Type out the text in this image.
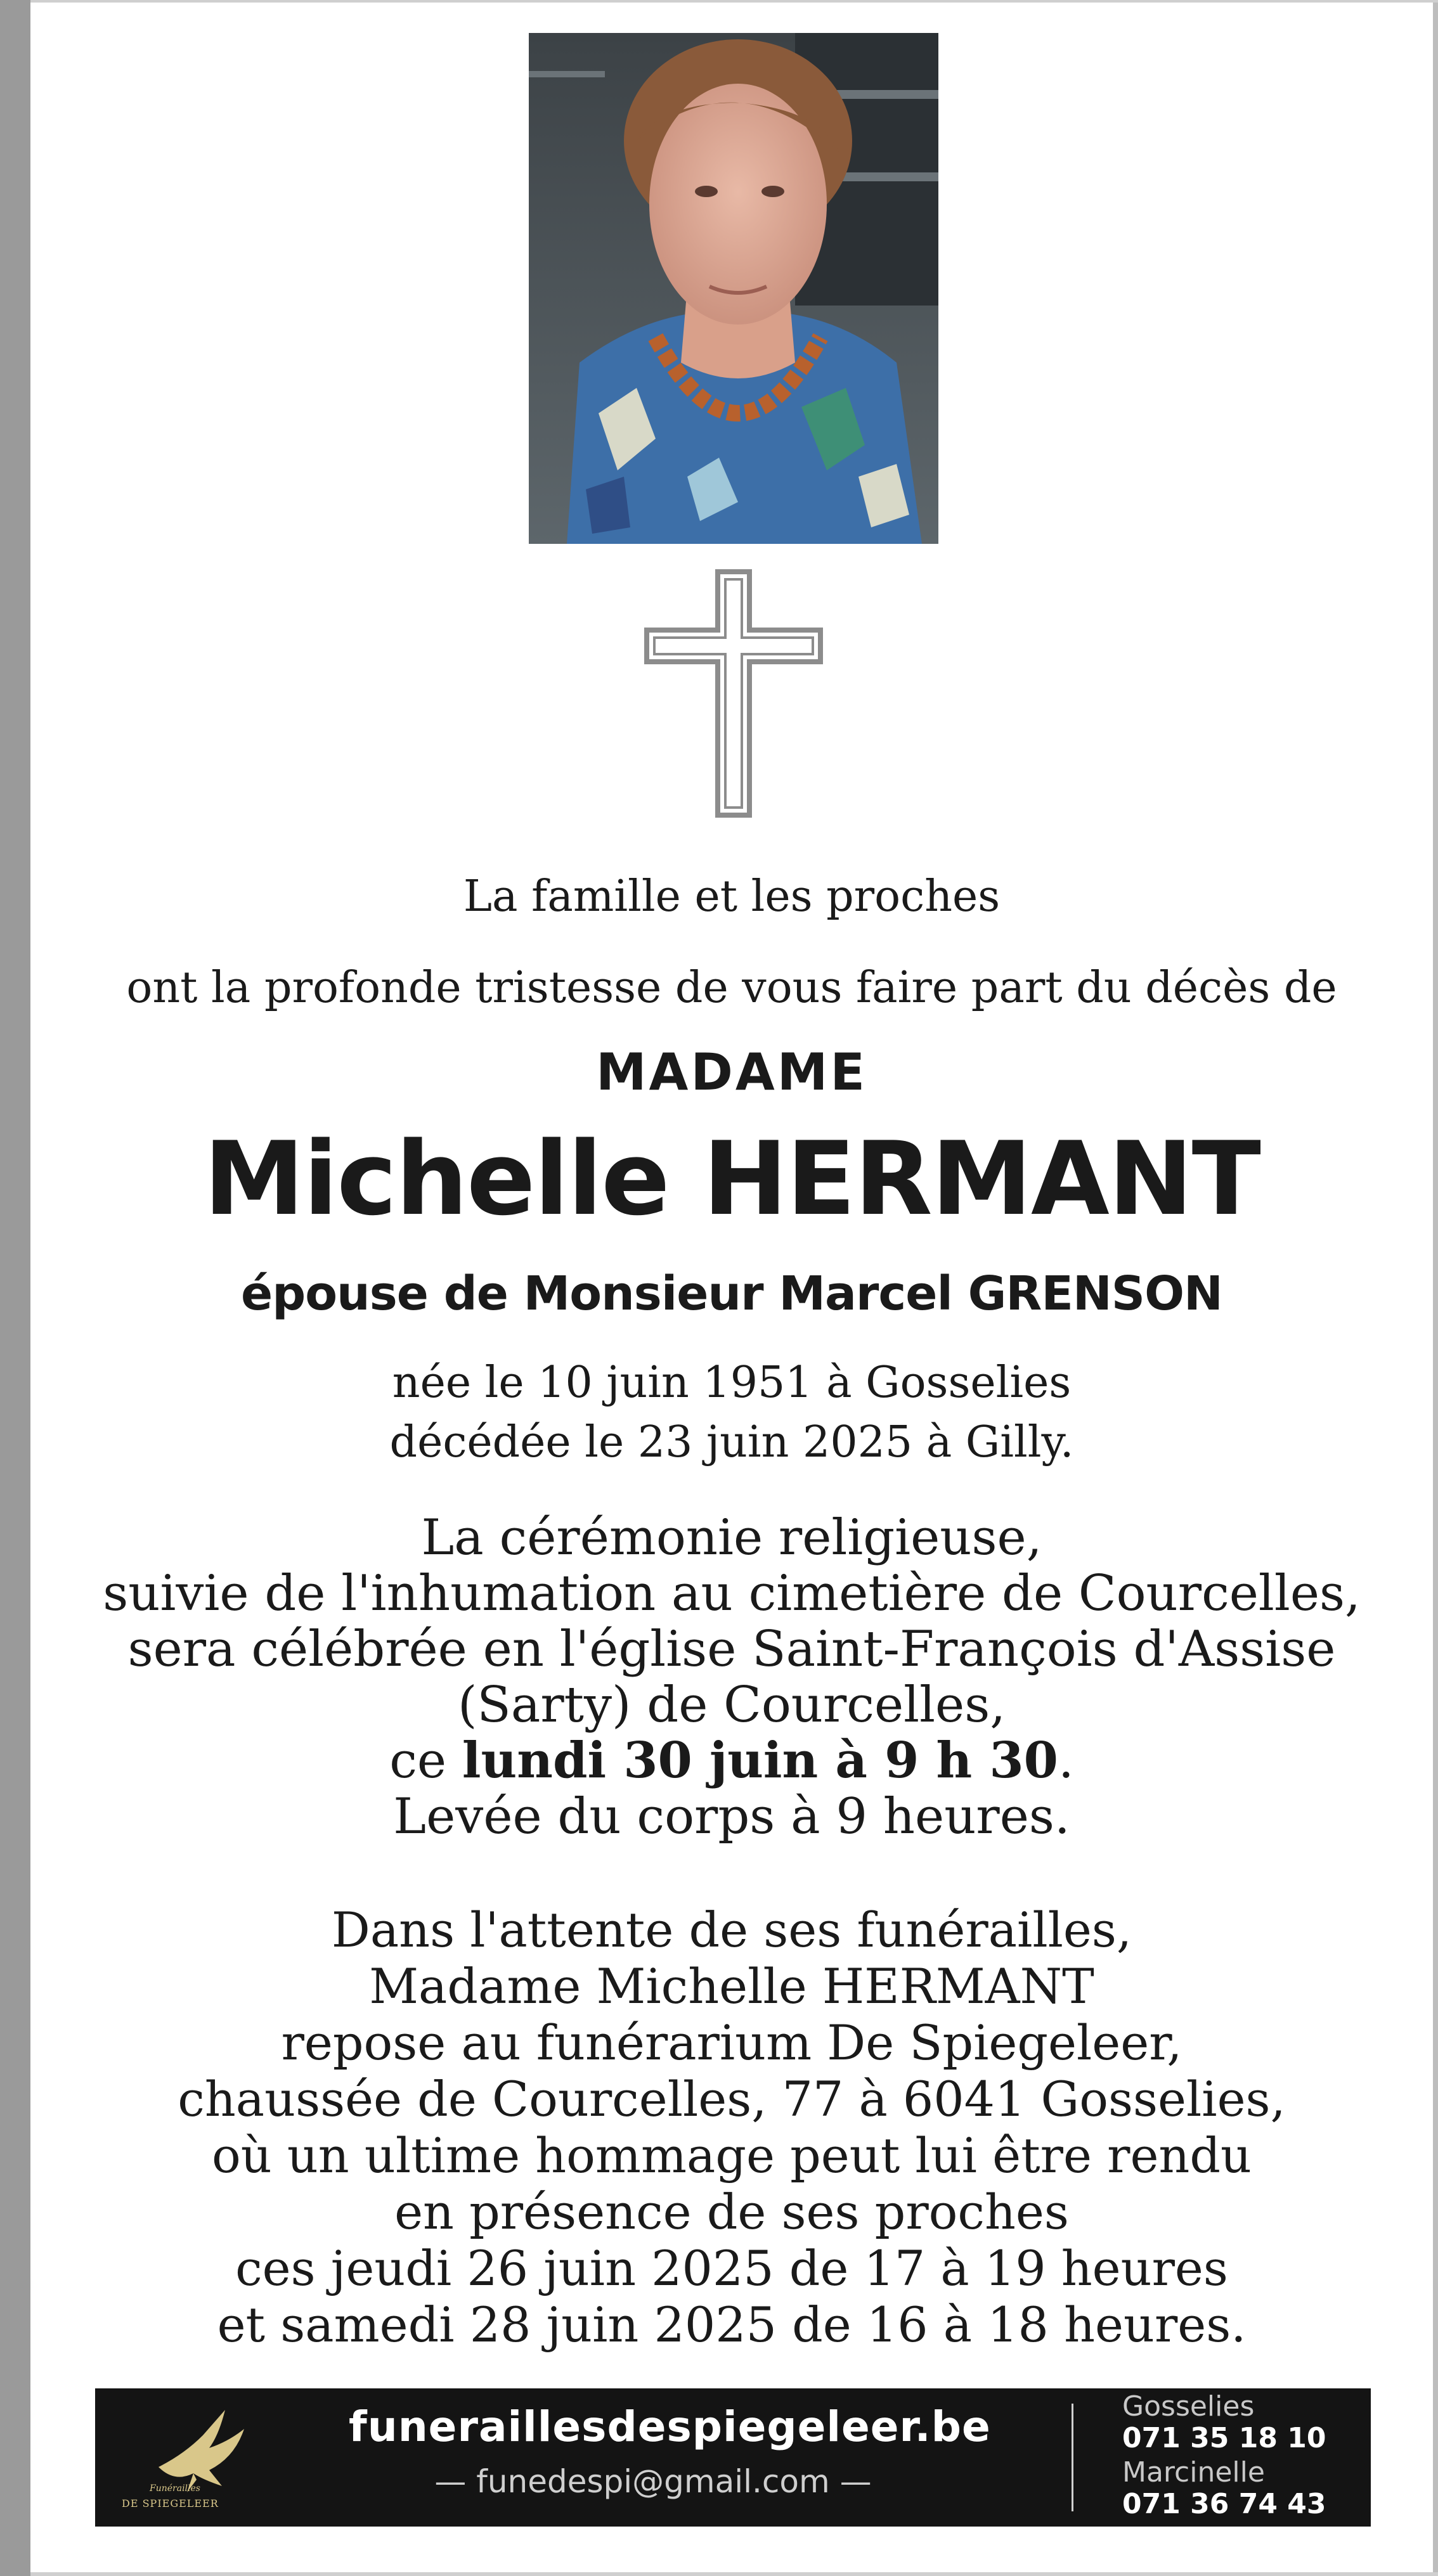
La famille et les proches
ont la profonde tristesse de vous faire part du décès de
MADAME
Michelle HERMANT
épouse de Monsieur Marcel GRENSON
née le 10 juin 1951 à Gosselies
décédée le 23 juin 2025 à Gilly.
La cérémonie religieuse,
suivie de l'inhumation au cimetière de Courcelles,
sera célébrée en l'église Saint-François d'Assise
(Sarty) de Courcelles,
ce lundi 30 juin à 9 h 30.
Levée du corps à 9 heures.
Dans l'attente de ses funérailles,
Madame Michelle HERMANT
repose au funérarium De Spiegeleer,
chaussée de Courcelles, 77 à 6041 Gosselies,
où un ultime hommage peut lui être rendu
en présence de ses proches
ces jeudi 26 juin 2025 de 17 à 19 heures
et samedi 28 juin 2025 de 16 à 18 heures.
Funérailles
DE SPIEGELEER
funeraillesdespiegeleer.be
— funedespi@gmail.com —
Gosselies
071 35 18 10
Marcinelle
071 36 74 43
